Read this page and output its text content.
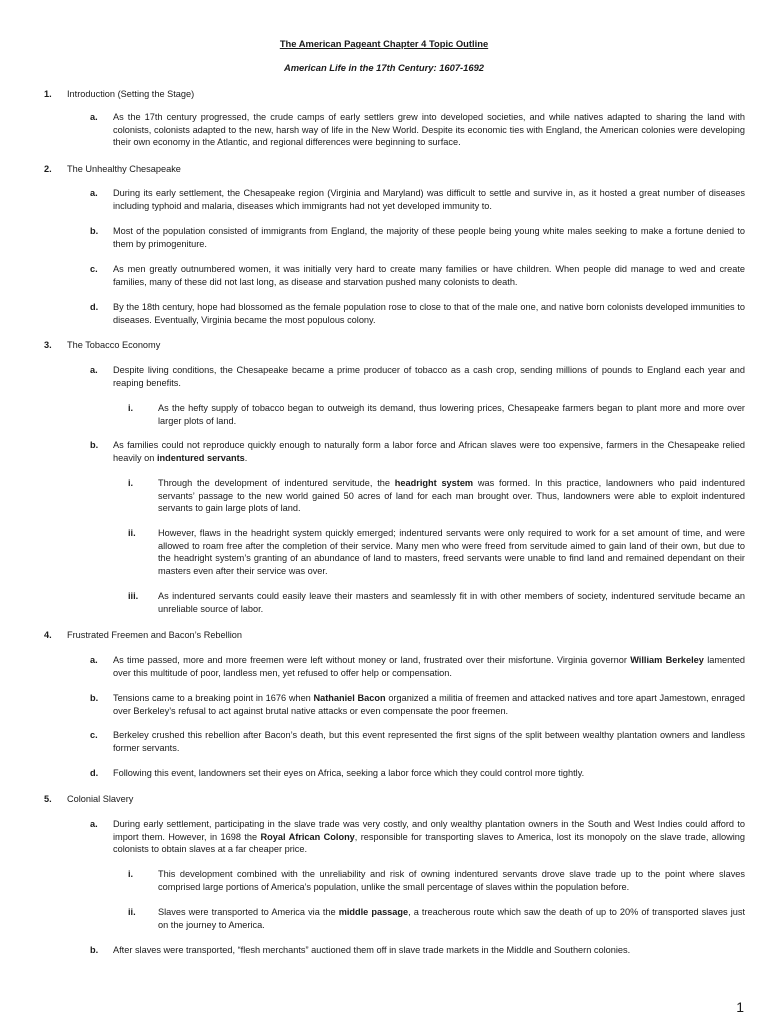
The American Pageant Chapter 4 Topic Outline
American Life in the 17th Century: 1607-1692
1. Introduction (Setting the Stage)
a. As the 17th century progressed, the crude camps of early settlers grew into developed societies, and while natives adapted to sharing the land with colonists, colonists adapted to the new, harsh way of life in the New World. Despite its economic ties with England, the American colonies were developing their own economy in the Atlantic, and regional differences were beginning to surface.
2. The Unhealthy Chesapeake
a. During its early settlement, the Chesapeake region (Virginia and Maryland) was difficult to settle and survive in, as it hosted a great number of diseases including typhoid and malaria, diseases which immigrants had not yet developed immunity to.
b. Most of the population consisted of immigrants from England, the majority of these people being young white males seeking to make a fortune denied to them by primogeniture.
c. As men greatly outnumbered women, it was initially very hard to create many families or have children. When people did manage to wed and create families, many of these did not last long, as disease and starvation pushed many colonists to death.
d. By the 18th century, hope had blossomed as the female population rose to close to that of the male one, and native born colonists developed immunities to diseases. Eventually, Virginia became the most populous colony.
3. The Tobacco Economy
a. Despite living conditions, the Chesapeake became a prime producer of tobacco as a cash crop, sending millions of pounds to England each year and reaping benefits.
i.	As the hefty supply of tobacco began to outweigh its demand, thus lowering prices, Chesapeake farmers began to plant more and more over larger plots of land.
b. As families could not reproduce quickly enough to naturally form a labor force and African slaves were too expensive, farmers in the Chesapeake relied heavily on indentured servants.
i.	Through the development of indentured servitude, the headright system was formed. In this practice, landowners who paid indentured servants’ passage to the new world gained 50 acres of land for each man brought over. Thus, landowners were able to exploit indentured servants to gain large plots of land.
ii. However, flaws in the headright system quickly emerged; indentured servants were only required to work for a set amount of time, and were allowed to roam free after the completion of their service. Many men who were freed from servitude aimed to gain land of their own, but due to the headright system’s granting of an abundance of land to masters, freed servants were unable to find land and remained dependant on their masters even after their service was over.
iii. As indentured servants could easily leave their masters and seamlessly fit in with other members of society, indentured servitude became an unreliable source of labor.
4. Frustrated Freemen and Bacon’s Rebellion
a. As time passed, more and more freemen were left without money or land, frustrated over their misfortune. Virginia governor William Berkeley lamented over this multitude of poor, landless men, yet refused to offer help or compensation.
b. Tensions came to a breaking point in 1676 when Nathaniel Bacon organized a militia of freemen and attacked natives and tore apart Jamestown, enraged over Berkeley’s refusal to act against brutal native attacks or even compensate the poor freemen.
c. Berkeley crushed this rebellion after Bacon’s death, but this event represented the first signs of the split between wealthy plantation owners and landless former servants.
d. Following this event, landowners set their eyes on Africa, seeking a labor force which they could control more tightly.
5. Colonial Slavery
a. During early settlement, participating in the slave trade was very costly, and only wealthy plantation owners in the South and West Indies could afford to import them. However, in 1698 the Royal African Colony, responsible for transporting slaves to America, lost its monopoly on the slave trade, allowing colonists to obtain slaves at a far cheaper price.
i.	This development combined with the unreliability and risk of owning indentured servants drove slave trade up to the point where slaves comprised large portions of America’s population, unlike the small percentage of slaves within the population before.
ii. Slaves were transported to America via the middle passage, a treacherous route which saw the death of up to 20% of transported slaves just on the journey to America.
b. After slaves were transported, “flesh merchants” auctioned them off in slave trade markets in the Middle and Southern colonies.
1
